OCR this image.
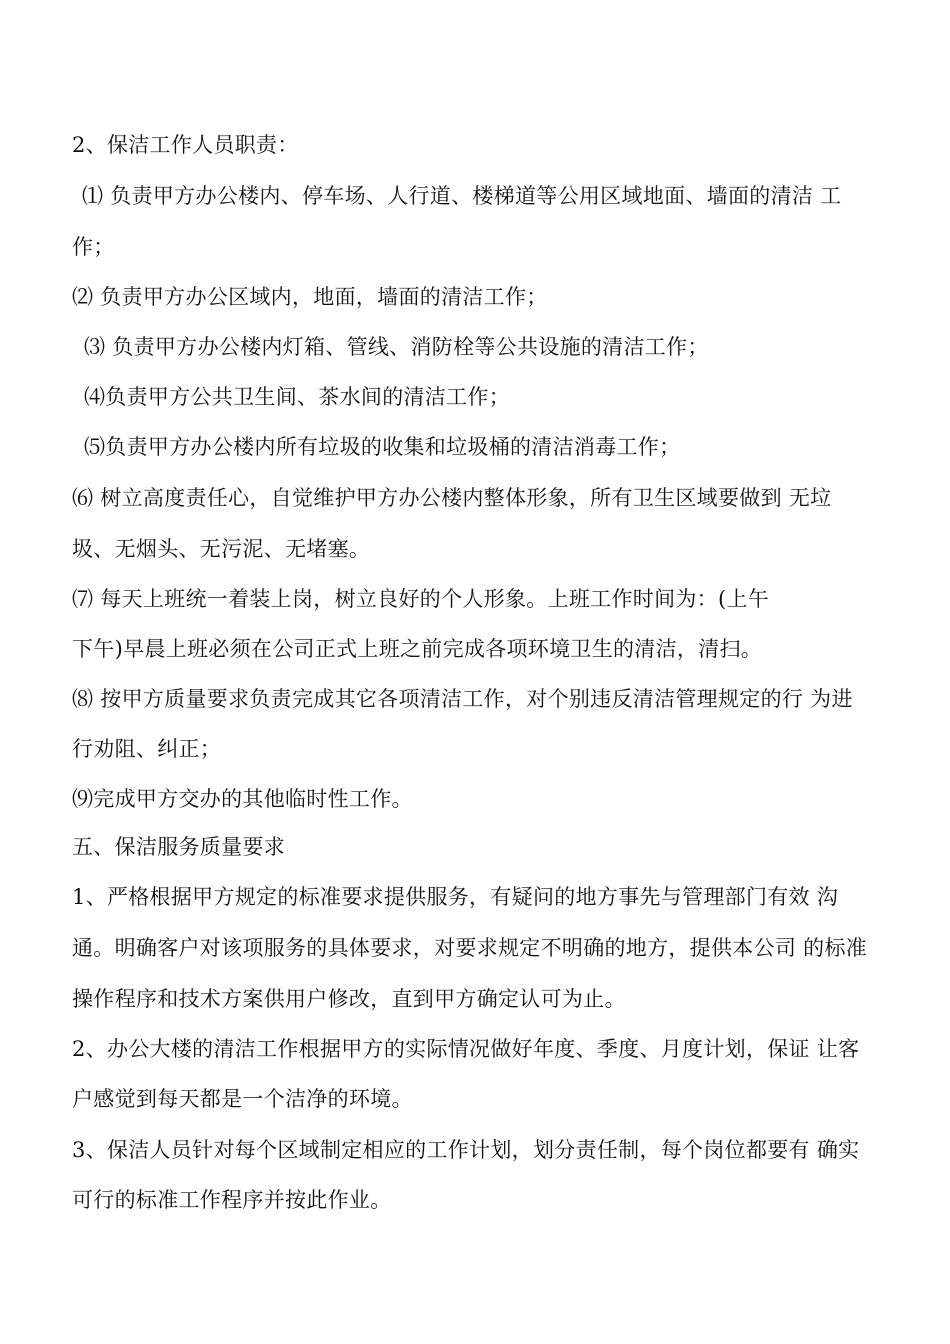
2、保洁工作人员职责：
⑴ 负责甲方办公楼内、停车场、人行道、楼梯道等公用区域地面、墙面的清洁 工
作；
⑵ 负责甲方办公区域内，地面，墙面的清洁工作；
⑶ 负责甲方办公楼内灯箱、管线、消防栓等公共设施的清洁工作；
⑷负责甲方公共卫生间、茶水间的清洁工作；
⑸负责甲方办公楼内所有垃圾的收集和垃圾桶的清洁消毒工作；
⑹ 树立高度责任心，自觉维护甲方办公楼内整体形象，所有卫生区域要做到 无垃
圾、无烟头、无污泥、无堵塞。
⑺ 每天上班统一着装上岗，树立良好的个人形象。上班工作时间为：(上午
下午)早晨上班必须在公司正式上班之前完成各项环境卫生的清洁，清扫。
⑻ 按甲方质量要求负责完成其它各项清洁工作，对个别违反清洁管理规定的行 为进
行劝阻、纠正；
⑼完成甲方交办的其他临时性工作。
五、保洁服务质量要求
1、严格根据甲方规定的标准要求提供服务，有疑问的地方事先与管理部门有效 沟
通。明确客户对该项服务的具体要求，对要求规定不明确的地方，提供本公司 的标准
操作程序和技术方案供用户修改，直到甲方确定认可为止。
2、办公大楼的清洁工作根据甲方的实际情况做好年度、季度、月度计划，保证 让客
户感觉到每天都是一个洁净的环境。
3、保洁人员针对每个区域制定相应的工作计划，划分责任制，每个岗位都要有 确实
可行的标准工作程序并按此作业。
